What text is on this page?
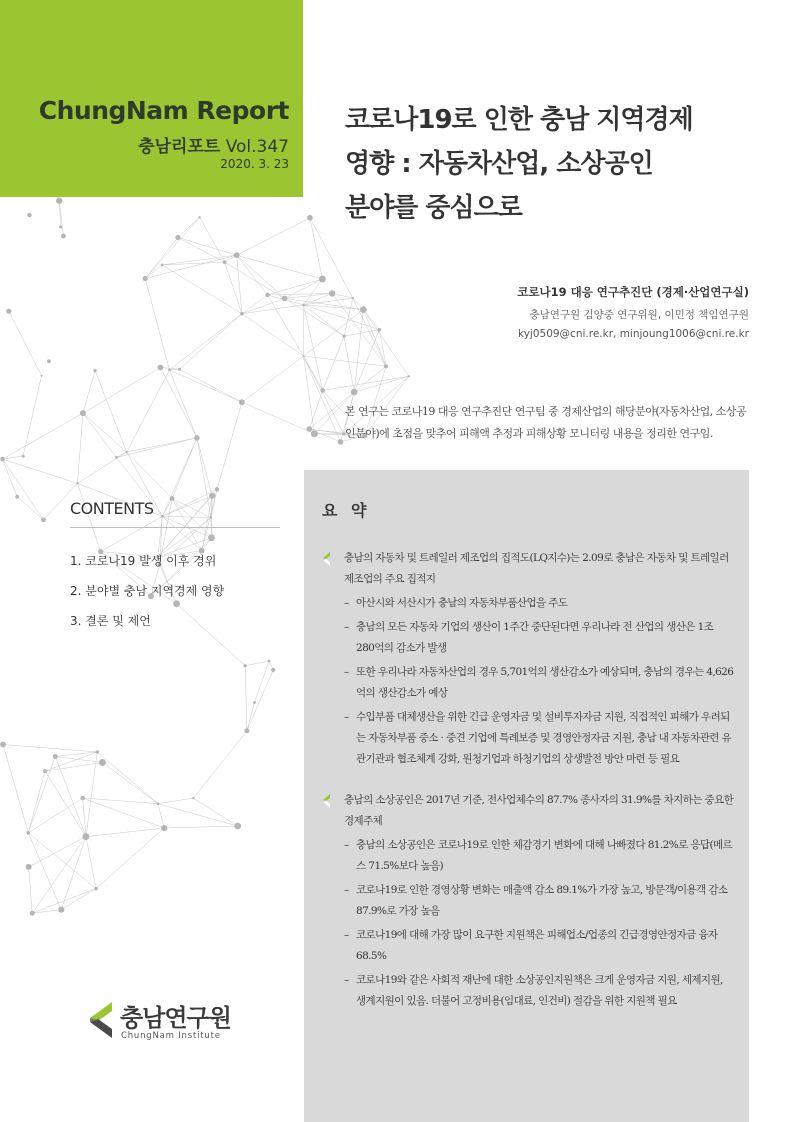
ChungNam Report
충남리포트 Vol.347
2020. 3. 23
코로나19로 인한 충남 지역경제
영향 : 자동차산업, 소상공인
분야를 중심으로
코로나19 대응 연구추진단 (경제·산업연구실)
충남연구원 김양중 연구위원, 이민정 책임연구원
kyj0509@cni.re.kr, minjoung1006@cni.re.kr
본 연구는 코로나19 대응 연구추진단 연구팀 중 경제산업의 해당분야(자동차산업, 소상공인분야)에 초점을 맞추어 피해액 추정과 피해상황 모니터링 내용을 정리한 연구임.
CONTENTS
1. 코로나19 발생 이후 경위
2. 분야별 충남 지역경제 영향
3. 결론 및 제언
요 약
충남의 자동차 및 트레일러 제조업의 집적도(LQ지수)는 2.09로 충남은 자동차 및 트레일러 제조업의 주요 집적지
– 아산시와 서산시가 충남의 자동차부품산업을 주도
– 충남의 모든 자동차 기업의 생산이 1주간 중단된다면 우리나라 전 산업의 생산은 1조 280억의 감소가 발생
– 또한 우리나라 자동차산업의 경우 5,701억의 생산감소가 예상되며, 충남의 경우는 4,626억의 생산감소가 예상
– 수입부품 대체생산을 위한 긴급 운영자금 및 설비투자자금 지원, 직접적인 피해가 우려되는 자동차부품 중소 · 중견 기업에 특례보증 및 경영안정자금 지원, 충남 내 자동차관련 유관기관과 협조체계 강화, 원청기업과 하청기업의 상생발전 방안 마련 등 필요
충남의 소상공인은 2017년 기준, 전사업체수의 87.7% 종사자의 31.9%를 차지하는 중요한 경제주체
– 충남의 소상공인은 코로나19로 인한 체감경기 변화에 대해 나빠졌다 81.2%로 응답(메르스 71.5%보다 높음)
– 코로나19로 인한 경영상황 변화는 매출액 감소 89.1%가 가장 높고, 방문객/이용객 감소 87.9%로 가장 높음
– 코로나19에 대해 가장 많이 요구한 지원책은 피해업소/업종의 긴급경영안정자금 융자 68.5%
– 코로나19와 같은 사회적 재난에 대한 소상공인지원책은 크게 운영자금 지원, 세제지원, 생계지원이 있음. 더불어 고정비용(임대료, 인건비) 절감을 위한 지원책 필요
충남연구원
ChungNam Institute
